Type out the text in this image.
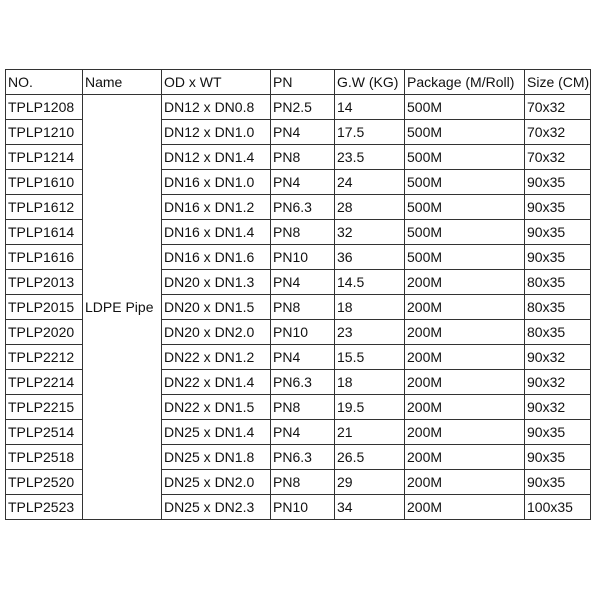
NO.	Name	OD x WT	PN	G.W (KG)	Package (M/Roll)	Size (CM)
TPLP1208	LDPE Pipe	DN12 x DN0.8	PN2.5	14	500M	70x32
TPLP1210		DN12 x DN1.0	PN4	17.5	500M	70x32
TPLP1214		DN12 x DN1.4	PN8	23.5	500M	70x32
TPLP1610		DN16 x DN1.0	PN4	24	500M	90x35
TPLP1612		DN16 x DN1.2	PN6.3	28	500M	90x35
TPLP1614		DN16 x DN1.4	PN8	32	500M	90x35
TPLP1616		DN16 x DN1.6	PN10	36	500M	90x35
TPLP2013		DN20 x DN1.3	PN4	14.5	200M	80x35
TPLP2015		DN20 x DN1.5	PN8	18	200M	80x35
TPLP2020		DN20 x DN2.0	PN10	23	200M	80x35
TPLP2212		DN22 x DN1.2	PN4	15.5	200M	90x32
TPLP2214		DN22 x DN1.4	PN6.3	18	200M	90x32
TPLP2215		DN22 x DN1.5	PN8	19.5	200M	90x32
TPLP2514		DN25 x DN1.4	PN4	21	200M	90x35
TPLP2518		DN25 x DN1.8	PN6.3	26.5	200M	90x35
TPLP2520		DN25 x DN2.0	PN8	29	200M	90x35
TPLP2523		DN25 x DN2.3	PN10	34	200M	100x35
